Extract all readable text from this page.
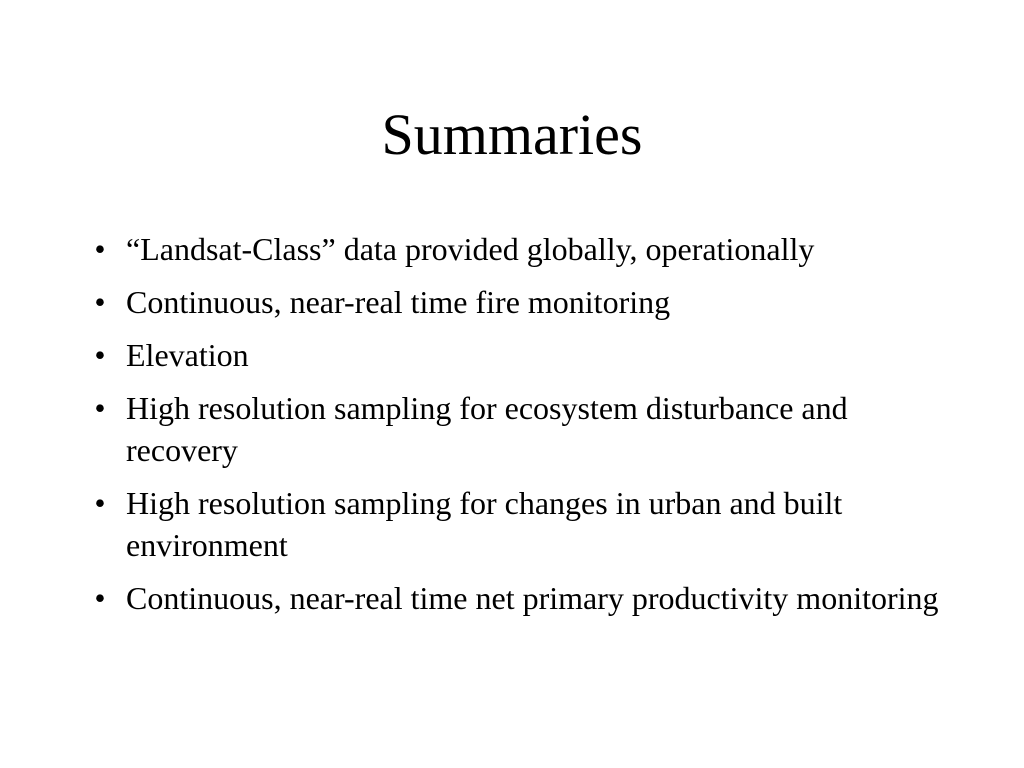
Summaries
• “Landsat-Class” data provided globally, operationally
• Continuous, near-real time fire monitoring
• Elevation
• High resolution sampling for ecosystem disturbance and recovery
• High resolution sampling for changes in urban and built environment
• Continuous, near-real time net primary productivity monitoring
